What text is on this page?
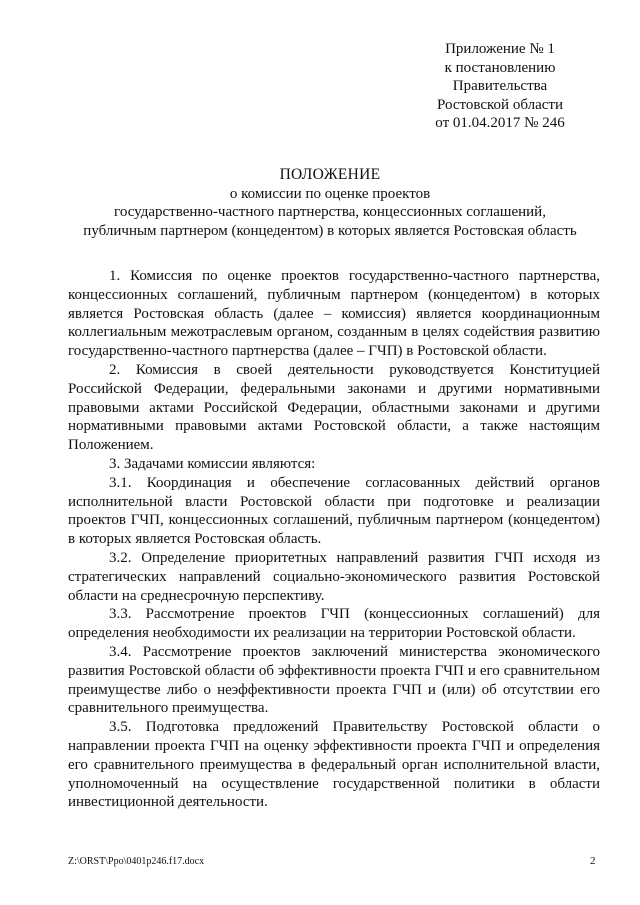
Приложение № 1
к постановлению
Правительства
Ростовской области
от 01.04.2017 № 246
ПОЛОЖЕНИЕ
о комиссии по оценке проектов
государственно-частного партнерства, концессионных соглашений,
публичным партнером (концедентом) в которых является Ростовская область

1. Комиссия по оценке проектов государственно-частного партнерства, концессионных соглашений, публичным партнером (концедентом) в которых является Ростовская область (далее – комиссия) является координационным коллегиальным межотраслевым органом, созданным в целях содействия развитию государственно-частного партнерства (далее – ГЧП) в Ростовской области.

2. Комиссия в своей деятельности руководствуется Конституцией Российской Федерации, федеральными законами и другими нормативными правовыми актами Российской Федерации, областными законами и другими нормативными правовыми актами Ростовской области, а также настоящим Положением.

3. Задачами комиссии являются:

3.1. Координация и обеспечение согласованных действий органов исполнительной власти Ростовской области при подготовке и реализации проектов ГЧП, концессионных соглашений, публичным партнером (концедентом) в которых является Ростовская область.

3.2. Определение приоритетных направлений развития ГЧП исходя из стратегических направлений социально-экономического развития Ростовской области на среднесрочную перспективу.

3.3. Рассмотрение проектов ГЧП (концессионных соглашений) для определения необходимости их реализации на территории Ростовской области.

3.4. Рассмотрение проектов заключений министерства экономического развития Ростовской области об эффективности проекта ГЧП и его сравнительном преимуществе либо о неэффективности проекта ГЧП и (или) об отсутствии его сравнительного преимущества.

3.5. Подготовка предложений Правительству Ростовской области о направлении проекта ГЧП на оценку эффективности проекта ГЧП и определения его сравнительного преимущества в федеральный орган исполнительной власти, уполномоченный на осуществление государственной политики в области инвестиционной деятельности.

Z:\ORST\Ppo\0401p246.f17.docx	2
